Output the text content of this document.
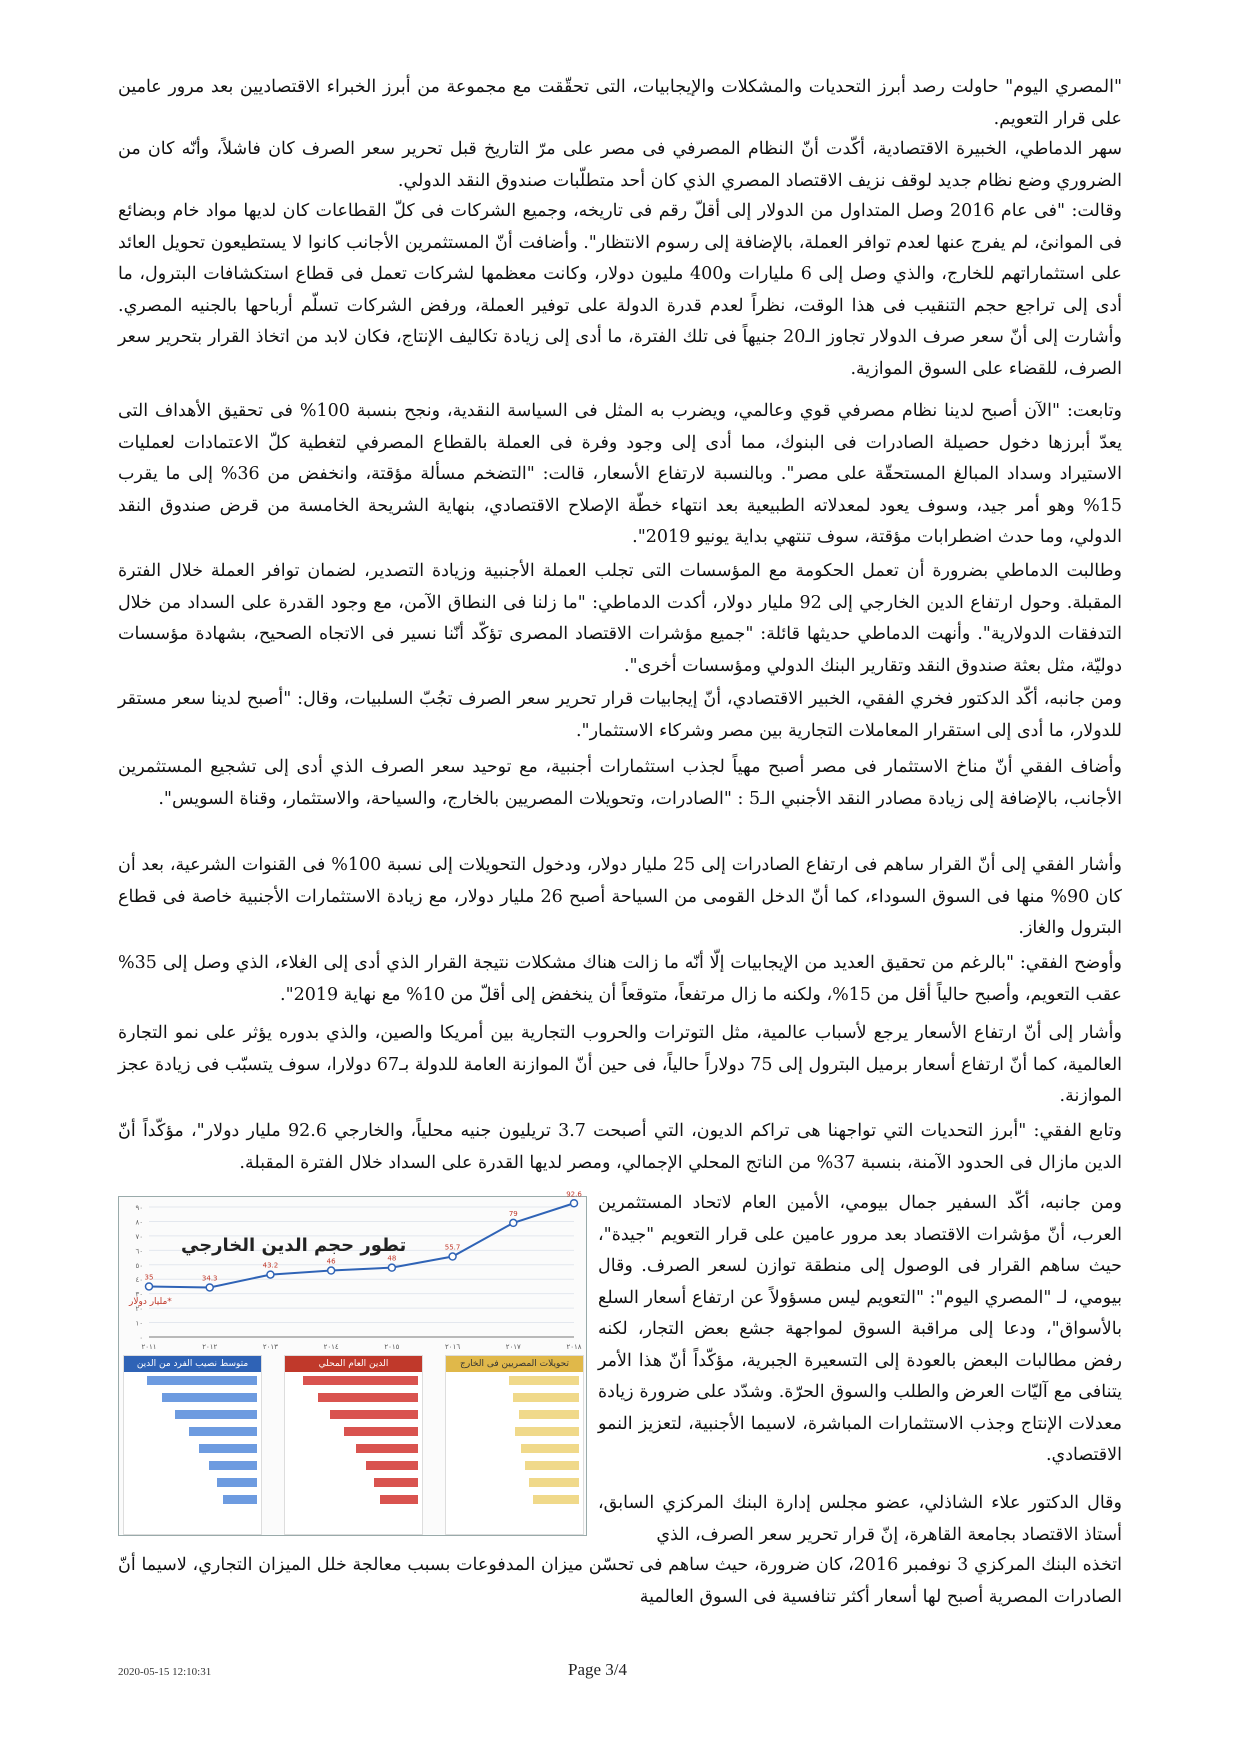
"المصري اليوم" حاولت رصد أبرز التحديات والمشكلات والإيجابيات، التى تحقّقت مع مجموعة من أبرز الخبراء الاقتصاديين بعد مرور عامين على قرار التعويم.

سهر الدماطي، الخبيرة الاقتصادية، أكّدت أنّ النظام المصرفي فى مصر على مرّ التاريخ قبل تحرير سعر الصرف كان فاشلاً، وأنّه كان من الضروري وضع نظام جديد لوقف نزيف الاقتصاد المصري الذي كان أحد متطلّبات صندوق النقد الدولي.

وقالت: "فى عام 2016 وصل المتداول من الدولار إلى أقلّ رقم فى تاريخه، وجميع الشركات فى كلّ القطاعات كان لديها مواد خام وبضائع فى الموانئ، لم يفرج عنها لعدم توافر العملة، بالإضافة إلى رسوم الانتظار". وأضافت أنّ المستثمرين الأجانب كانوا لا يستطيعون تحويل العائد على استثماراتهم للخارج، والذي وصل إلى 6 مليارات و400 مليون دولار، وكانت معظمها لشركات تعمل فى قطاع استكشافات البترول، ما أدى إلى تراجع حجم التنقيب فى هذا الوقت، نظراً لعدم قدرة الدولة على توفير العملة، ورفض الشركات تسلّم أرباحها بالجنيه المصري. وأشارت إلى أنّ سعر صرف الدولار تجاوز الـ20 جنيهاً فى تلك الفترة، ما أدى إلى زيادة تكاليف الإنتاج، فكان لابد من اتخاذ القرار بتحرير سعر الصرف، للقضاء على السوق الموازية.

وتابعت: "الآن أصبح لدينا نظام مصرفي قوي وعالمي، ويضرب به المثل فى السياسة النقدية، ونجح بنسبة 100% فى تحقيق الأهداف التى يعدّ أبرزها دخول حصيلة الصادرات فى البنوك، مما أدى إلى وجود وفرة فى العملة بالقطاع المصرفي لتغطية كلّ الاعتمادات لعمليات الاستيراد وسداد المبالغ المستحقّة على مصر". وبالنسبة لارتفاع الأسعار، قالت: "التضخم مسألة مؤقتة، وانخفض من 36% إلى ما يقرب 15% وهو أمر جيد، وسوف يعود لمعدلاته الطبيعية بعد انتهاء خطّة الإصلاح الاقتصادي، بنهاية الشريحة الخامسة من قرض صندوق النقد الدولي، وما حدث اضطرابات مؤقتة، سوف تنتهي بداية يونيو 2019".

وطالبت الدماطي بضرورة أن تعمل الحكومة مع المؤسسات التى تجلب العملة الأجنبية وزيادة التصدير، لضمان توافر العملة خلال الفترة المقبلة. وحول ارتفاع الدين الخارجي إلى 92 مليار دولار، أكدت الدماطي: "ما زلنا فى النطاق الآمن، مع وجود القدرة على السداد من خلال التدفقات الدولارية". وأنهت الدماطي حديثها قائلة: "جميع مؤشرات الاقتصاد المصرى تؤكّد أنّنا نسير فى الاتجاه الصحيح، بشهادة مؤسسات دوليّة، مثل بعثة صندوق النقد وتقارير البنك الدولي ومؤسسات أخرى".

ومن جانبه، أكّد الدكتور فخري الفقي، الخبير الاقتصادي، أنّ إيجابيات قرار تحرير سعر الصرف تجُبّ السلبيات، وقال: "أصبح لدينا سعر مستقر للدولار، ما أدى إلى استقرار المعاملات التجارية بين مصر وشركاء الاستثمار".

وأضاف الفقي أنّ مناخ الاستثمار فى مصر أصبح مهياً لجذب استثمارات أجنبية، مع توحيد سعر الصرف الذي أدى إلى تشجيع المستثمرين الأجانب، بالإضافة إلى زيادة مصادر النقد الأجنبي الـ5 : "الصادرات، وتحويلات المصريين بالخارج، والسياحة، والاستثمار، وقناة السويس".

وأشار الفقي إلى أنّ القرار ساهم فى ارتفاع الصادرات إلى 25 مليار دولار، ودخول التحويلات إلى نسبة 100% فى القنوات الشرعية، بعد أن كان 90% منها فى السوق السوداء، كما أنّ الدخل القومى من السياحة أصبح 26 مليار دولار، مع زيادة الاستثمارات الأجنبية خاصة فى قطاع البترول والغاز.

وأوضح الفقي: "بالرغم من تحقيق العديد من الإيجابيات إلّا أنّه ما زالت هناك مشكلات نتيجة القرار الذي أدى إلى الغلاء، الذي وصل إلى 35% عقب التعويم، وأصبح حالياً أقل من 15%، ولكنه ما زال مرتفعاً، متوقعاً أن ينخفض إلى أقلّ من 10% مع نهاية 2019".

وأشار إلى أنّ ارتفاع الأسعار يرجع لأسباب عالمية، مثل التوترات والحروب التجارية بين أمريكا والصين، والذي بدوره يؤثر على نمو التجارة العالمية، كما أنّ ارتفاع أسعار برميل البترول إلى 75 دولاراً حالياً، فى حين أنّ الموازنة العامة للدولة بـ67 دولارا، سوف يتسبّب فى زيادة عجز الموازنة.

وتابع الفقي: "أبرز التحديات التي تواجهنا هى تراكم الديون، التي أصبحت 3.7 تريليون جنيه محلياً، والخارجي 92.6 مليار دولار"، مؤكّداً أنّ الدين مازال فى الحدود الآمنة، بنسبة 37% من الناتج المحلي الإجمالي، ومصر لديها القدرة على السداد خلال الفترة المقبلة.

ومن جانبه، أكّد السفير جمال بيومي، الأمين العام لاتحاد المستثمرين العرب، أنّ مؤشرات الاقتصاد بعد مرور عامين على قرار التعويم "جيدة"، حيث ساهم القرار فى الوصول إلى منطقة توازن لسعر الصرف. وقال بيومي، لـ "المصري اليوم": "التعويم ليس مسؤولاً عن ارتفاع أسعار السلع بالأسواق"، ودعا إلى مراقبة السوق لمواجهة جشع بعض التجار، لكنه رفض مطالبات البعض بالعودة إلى التسعيرة الجبرية، مؤكّداً أنّ هذا الأمر يتنافى مع آليّات العرض والطلب والسوق الحرّة. وشدّد على ضرورة زيادة معدلات الإنتاج وجذب الاستثمارات المباشرة، لاسيما الأجنبية، لتعزيز النمو الاقتصادي.

وقال الدكتور علاء الشاذلي، عضو مجلس إدارة البنك المركزي السابق، أستاذ الاقتصاد بجامعة القاهرة، إنّ قرار تحرير سعر الصرف، الذي

اتخذه البنك المركزي 3 نوفمبر 2016، كان ضرورة، حيث ساهم فى تحسّن ميزان المدفوعات بسبب معالجة خلل الميزان التجاري، لاسيما أنّ الصادرات المصرية أصبح لها أسعار أكثر تنافسية فى السوق العالمية

٠
١٠
٢٠
٣٠
٤٠
٥٠
٦٠
٧٠
٨٠
٩٠
٢٠١١	٢٠١٢	٢٠١٣	٢٠١٤	٢٠١٥	٢٠١٦	٢٠١٧	٢٠١٨
35	34.3
43.2
46	48
55.7
79
92.6
تطور حجم الدين الخارجي
*مليار دولار
متوسط نصيب الفرد من الدين	الدين العام المحلي	تحويلات المصريين فى الخارج
2020-05-15 12:10:31	Page 3/4
